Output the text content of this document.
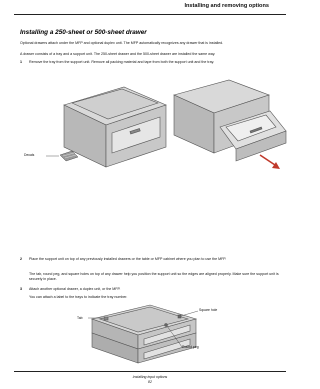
Installing and removing options
Installing a 250-sheet or 500-sheet drawer
Optional drawers attach under the MFP and optional duplex unit. The MFP automatically recognizes any drawer that is installed.
A drawer consists of a tray and a support unit. The 250-sheet drawer and the 500-sheet drawer are installed the same way.
1 Remove the tray from the support unit. Remove all packing material and tape from both the support unit and the tray.
Decals
2 Place the support unit on top of any previously installed drawers or the table or MFP cabinet where you plan to use the MFP.
The tab, round peg, and square holes on top of any drawer help you position the support unit so the edges are aligned properly. Make sure the support unit is securely in place.
3 Attach another optional drawer, a duplex unit, or the MFP.
You can attach a label to the trays to indicate the tray number.
Tab
Square hole
Round peg
Installing input options
82
